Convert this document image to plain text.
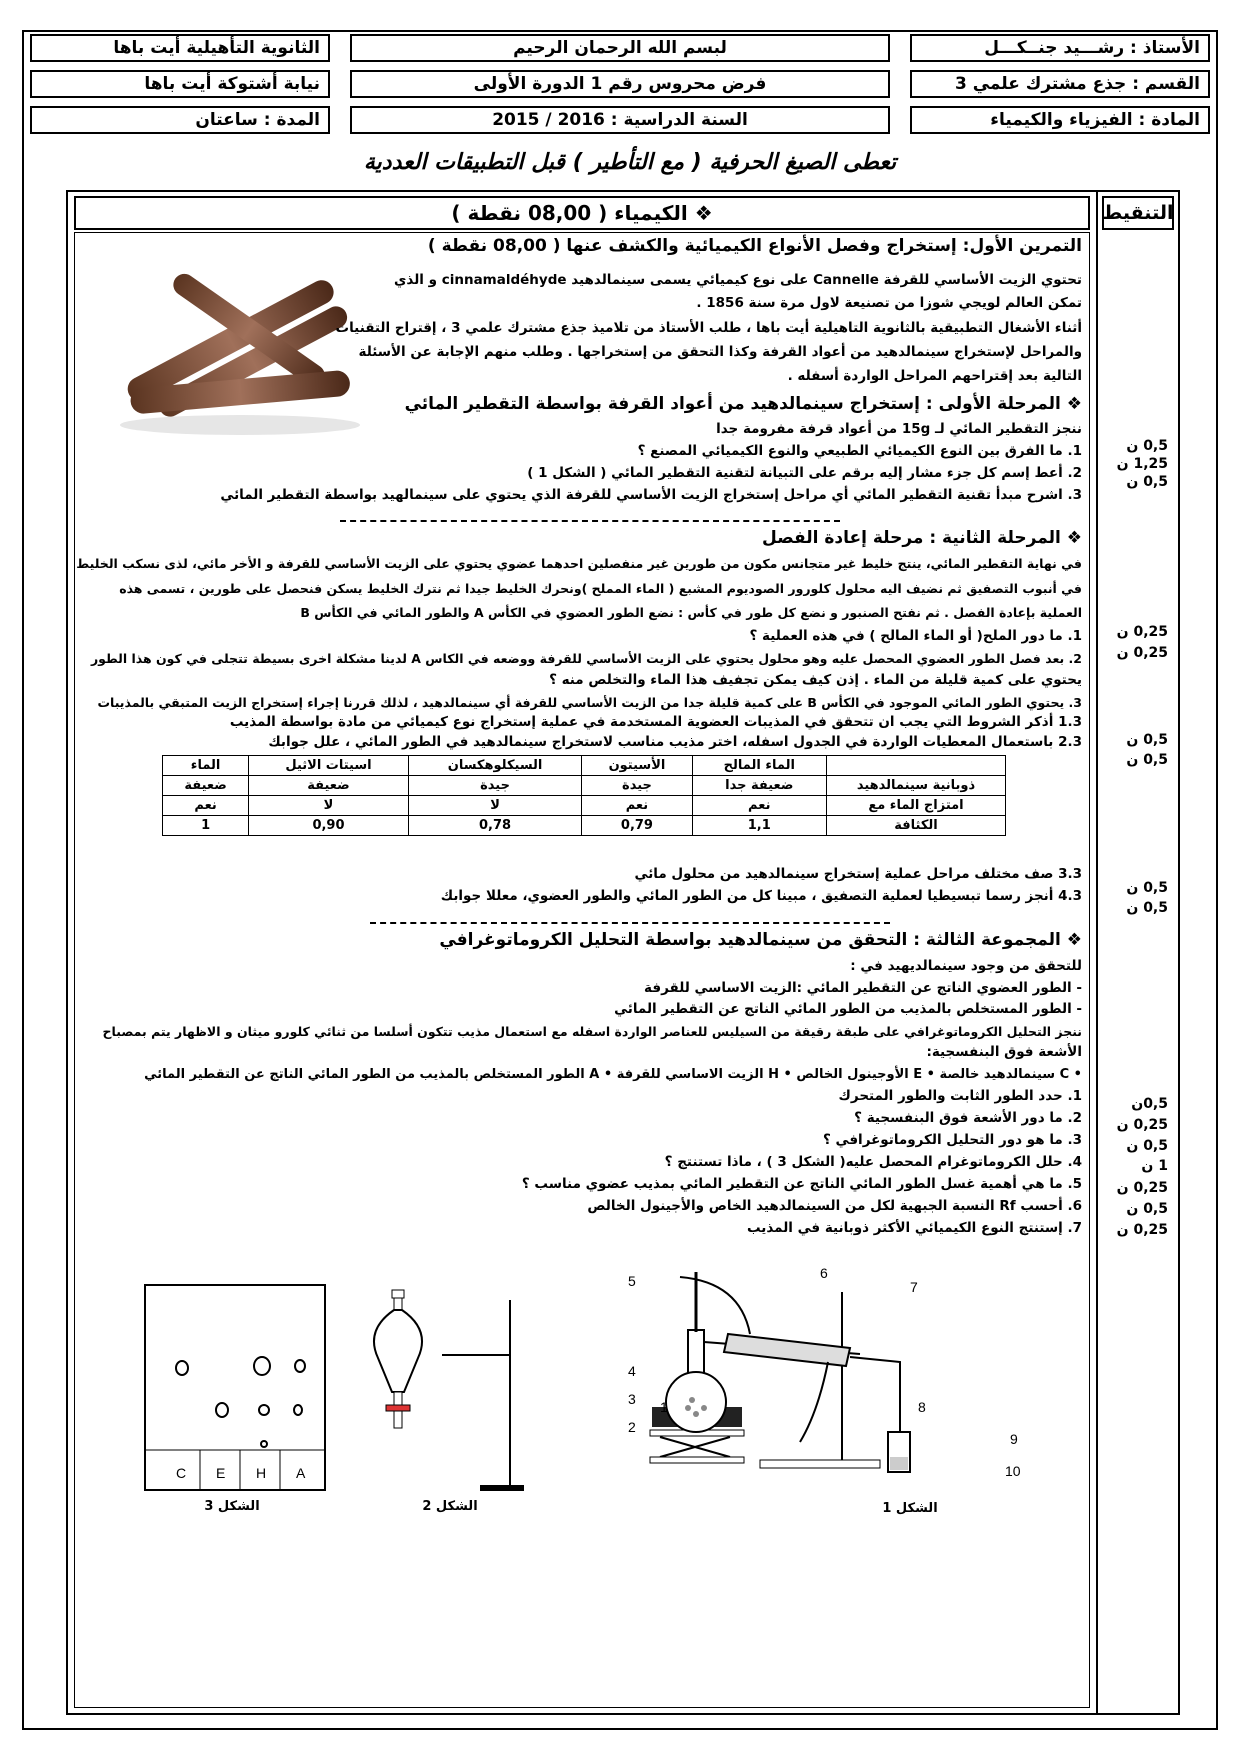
الأستاذ : رشـــيد جنــكـــل
لبسم الله الرحمان الرحيم
الثانوية التأهيلية أيت باها
القسم : جذع مشترك علمي 3
فرض محروس رقم 1 الدورة الأولى
نيابة أشتوكة أيت باها
المادة : الفيزياء والكيمياء
السنة الدراسية : 2016 / 2015
المدة : ساعتان
تعطى الصيغ الحرفية ( مع التأطير ) قبل التطبيقات العددية
❖ الكيمياء ( 08,00 نقطة )	التنقيط
التمرين الأول: إستخراج وفصل الأنواع الكيميائية والكشف عنها ( 08,00 نقطة )
تحتوي الزيت الأساسي للقرفة Cannelle على نوع كيميائي يسمى سينمالدهيد cinnamaldéhyde و الذي
تمكن العالم لويجي شوزا من تصنيعة لاول مرة سنة 1856 .
أثناء الأشغال التطبيقية بالثانوية التاهيلية أيت باها ، طلب الأستاذ من تلاميذ جذع مشترك علمي 3 ، إقتراح التقنيات
والمراحل لإستخراج سينمالدهيد من أعواد القرفة وكذا التحقق من إستخراجها . وطلب منهم الإجابة عن الأسئلة
التالية بعد إقتراحهم المراحل الواردة أسفله .
❖ المرحلة الأولى : إستخراج سينمالدهيد من أعواد القرفة بواسطة التقطير المائي
ننجز التقطير المائي لـ 15g من أعواد قرفة مفرومة جدا
1. ما الفرق بين النوع الكيميائي الطبيعي والنوع الكيميائي المصنع ؟
2. أعط إسم كل جزء مشار إليه برقم على التبيانة لتقنية التقطير المائي ( الشكل 1 )
3. اشرح مبدأ تقنية التقطير المائي أي مراحل إستخراج الزيت الأساسي للقرفة الذي يحتوي على سينمالهيد بواسطة التقطير المائي
0,5 ن
1,25 ن
0,5 ن
❖ المرحلة الثانية : مرحلة إعادة الفصل
في نهاية التقطير المائي، ينتج خليط غير متجانس مكون من طورين غير منفصلين احدهما عضوي يحتوي على الزيت الأساسي للقرفة و الأخر مائي، لذى نسكب الخليط
في أنبوب التصفيق ثم نضيف اليه محلول كلورور الصوديوم المشبع ( الماء المملح )ونحرك الخليط جيدا ثم نترك الخليط يسكن فنحصل على طورين ، تسمى هذه
العملية بإعادة الفصل . ثم نفتح الصنبور و نضع كل طور في كأس : نضع الطور العضوي في الكأس A والطور المائي في الكأس B
1. ما دور الملح( أو الماء المالح ) في هذه العملية ؟
2. بعد فصل الطور العضوي المحصل عليه وهو محلول يحتوي على الزيت الأساسي للقرفة ووضعه في الكاس A لدينا مشكلة اخرى بسيطة تتجلى في كون هذا الطور
يحتوي على كمية قليلة من الماء . إذن كيف يمكن تجفيف هذا الماء والتخلص منه ؟
3. يحتوي الطور المائي الموجود في الكأس B على كمية قليلة جدا من الزيت الأساسي للقرفة أي سينمالدهيد ، لذلك قررنا إجراء إستخراج الزيت المتبقي بالمذيبات
1.3 أذكر الشروط التي يجب ان تتحقق في المذيبات العضوية المستخدمة في عملية إستخراج نوع كيميائي من مادة بواسطة المذيب
2.3 باستعمال المعطيات الواردة في الجدول اسفله، اختر مذيب مناسب لاستخراج سينمالدهيد في الطور المائي ، علل جوابك
0,25 ن
0,25 ن
0,5 ن
0,5 ن
	الماء المالح	الأسيتون	السيكلوهكسان	اسيتات الاثيل	الماء
ذوبانية سينمالدهيد	ضعيفة جدا	جيدة	جيدة	ضعيفة	ضعيفة
امتزاج الماء مع	نعم	نعم	لا	لا	نعم
الكثافة	1,1	0,79	0,78	0,90	1
3.3 صف مختلف مراحل عملية إستخراج سينمالدهيد من محلول مائي
4.3 أنجز رسما تبسيطيا لعملية التصفيق ، مبينا كل من الطور المائي والطور العضوي، معللا جوابك	0,5 ن
0,5 ن
❖ المجموعة الثالثة : التحقق من سينمالدهيد بواسطة التحليل الكروماتوغرافي
للتحقق من وجود سينمالديهيد في :
- الطور العضوي الناتج عن التقطير المائي :الزيت الاساسي للقرفة
- الطور المستخلص بالمذيب من الطور المائي الناتج عن التقطير المائي
ننجز التحليل الكروماتوغرافي على طبقة رقيقة من السيليس للعناصر الواردة اسفله مع استعمال مذيب تتكون أسلسا من ثنائي كلورو ميثان و الاظهار يتم بمصباح
الأشعة فوق البنفسجية:
• C سينمالدهيد خالصة • E الأوجينول الخالص • H الزيت الاساسي للقرفة • A الطور المستخلص بالمذيب من الطور المائي الناتج عن التقطير المائي
1. حدد الطور الثابت والطور المتحرك
2. ما دور الأشعة فوق البنفسجية ؟
3. ما هو دور التحليل الكروماتوغرافي ؟
4. حلل الكروماتوغرام المحصل عليه( الشكل 3 ) ، ماذا تستنتج ؟
5. ما هي أهمية غسل الطور المائي الناتج عن التقطير المائي بمذيب عضوي مناسب ؟
6. أحسب Rf النسبة الجبهية لكل من السينمالدهيد الخاص والأجينول الخالص
7. إستنتج النوع الكيميائي الأكثر ذوبانية في المذيب
0,5ن
0,25 ن
0,5 ن
1 ن
0,25 ن
0,5 ن
0,25 ن
C E H A
الشكل 3	الشكل 2
1
2
3
4
5	6
7
8
9
10
الشكل 1
